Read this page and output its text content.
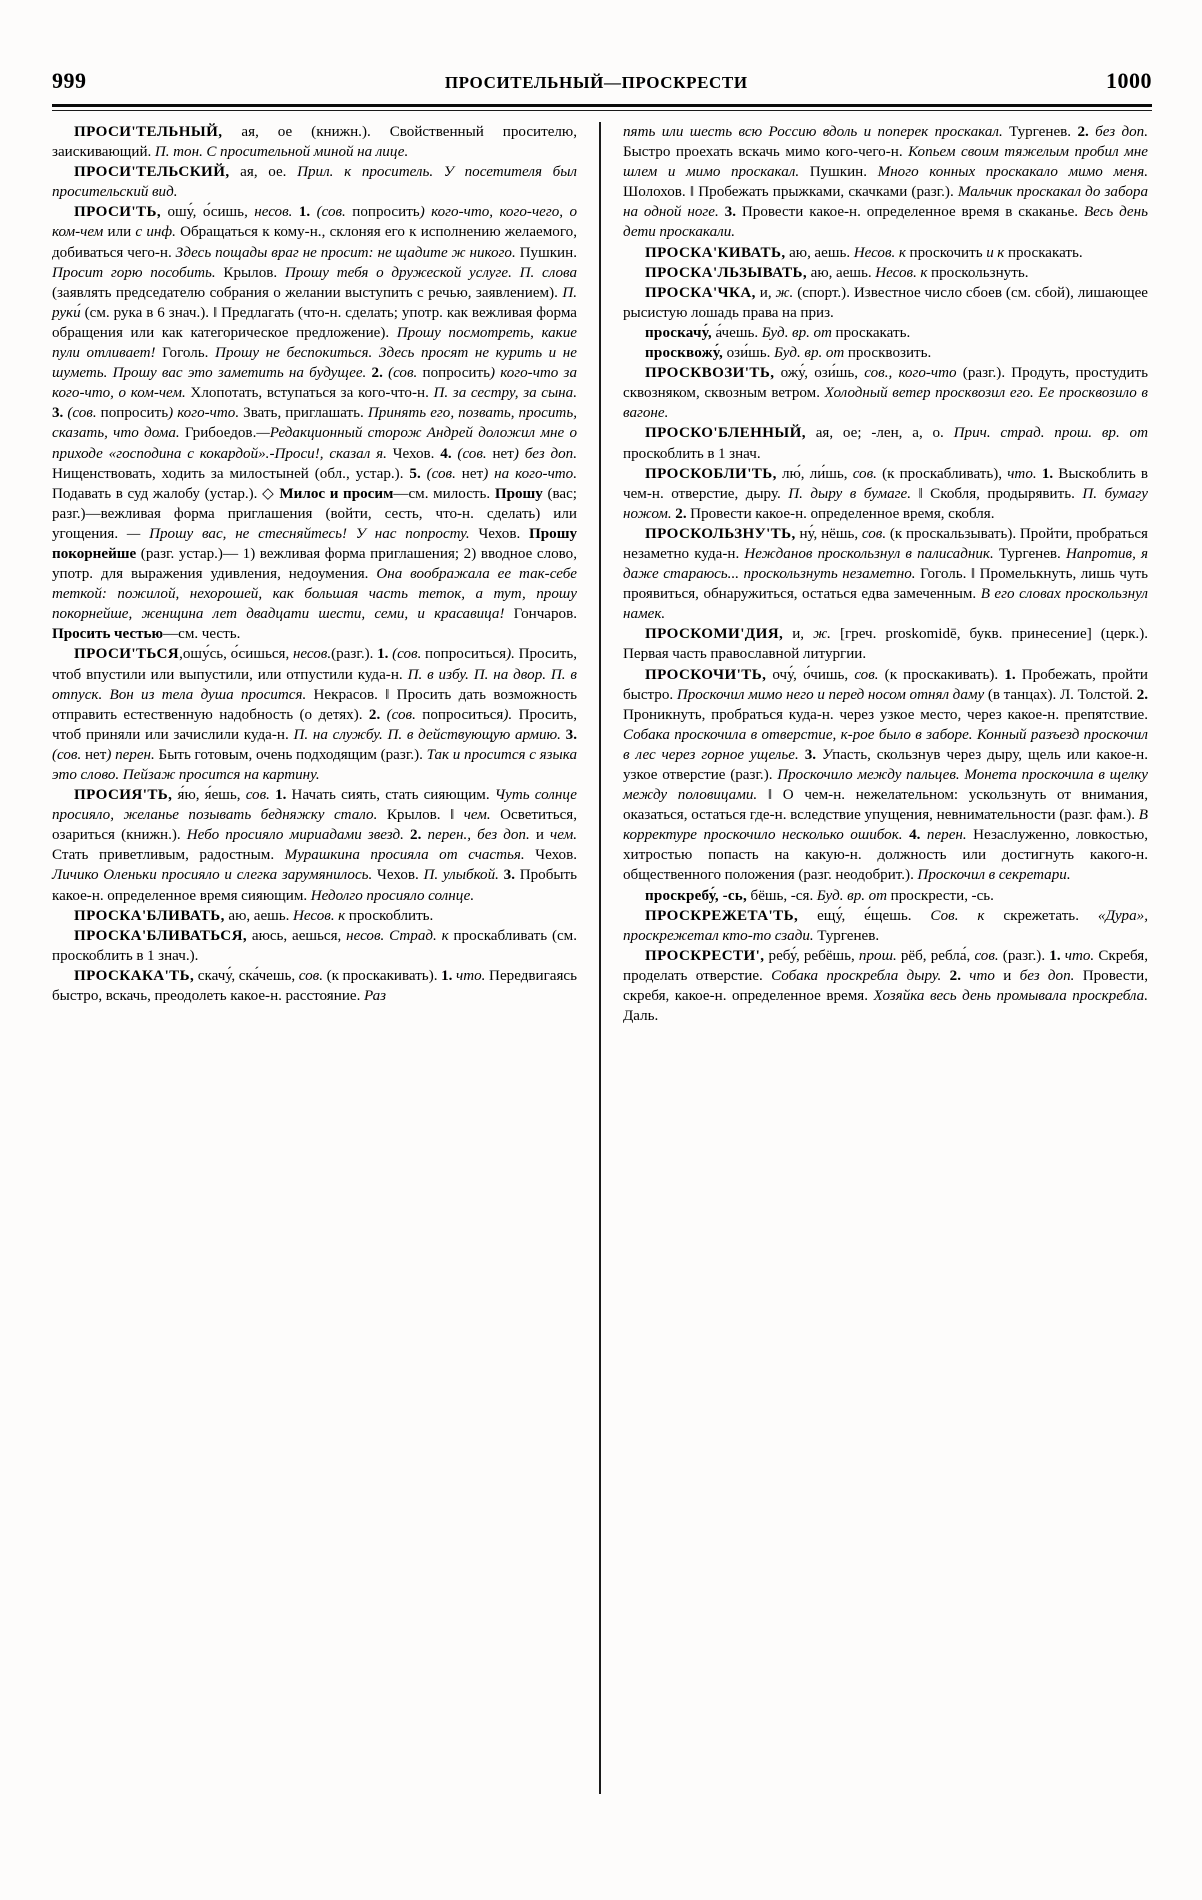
999	ПРОСИТЕЛЬНЫЙ—ПРОСКРЕСТИ	1000

ПРОСИ'ТЕЛЬНЫЙ, ая, ое (книжн.). Свойственный просителю, заискивающий. П. тон. С просительной миной на лице.

ПРОСИ'ТЕЛЬСКИЙ, ая, ое. Прил. к проситель. У посетителя был просительский вид.

ПРОСИ'ТЬ, ошу́, о́сишь, несов. 1. (сов. попросить) кого-что, кого-чего, о ком-чем или с инф. Обращаться к кому-н., склоняя его к исполнению желаемого, добиваться чего-н. Здесь пощады враг не просит: не щадите ж никого. Пушкин. Просит горю пособить. Крылов. Прошу тебя о дружеской услуге. П. слова (заявлять председателю собрания о желании выступить с речью, заявлением). П. руки́ (см. рука в 6 знач.). ‖ Предлагать (что-н. сделать; употр. как вежливая форма обращения или как категорическое предложение). Прошу посмотреть, какие пули отливает! Гоголь. Прошу не беспокиться. Здесь просят не курить и не шуметь. Прошу вас это заметить на будущее. 2. (сов. попросить) кого-что за кого-что, о ком-чем. Хлопотать, вступаться за кого-что-н. П. за сестру, за сына. 3. (сов. попросить) кого-что. Звать, приглашать. Принять его, позвать, просить, сказать, что дома. Грибоедов.—Редакционный сторож Андрей доложил мне о приходе «господина с кокардой».-Проси!, сказал я. Чехов. 4. (сов. нет) без доп. Нищенствовать, ходить за милостыней (обл., устар.). 5. (сов. нет) на кого-что. Подавать в суд жалобу (устар.). ◇ Милос и просим—см. милость. Прошу (вас; разг.)—вежливая форма приглашения (войти, сесть, что-н. сделать) или угощения. — Прошу вас, не стесняйтесь! У нас попросту. Чехов. Прошу покорнейше (разг. устар.)— 1) вежливая форма приглашения; 2) вводное слово, употр. для выражения удивления, недоумения. Она воображала ее так-себе теткой: пожилой, нехорошей, как большая часть теток, а тут, прошу покорнейше, женщина лет двадцати шести, семи, и красавица! Гончаров. Просить честью—см. честь.

ПРОСИ'ТЬСЯ,ошу́сь, о́сишься, несов.(разг.). 1. (сов. попроситься). Просить, чтоб впустили или выпустили, или отпустили куда-н. П. в избу. П. на двор. П. в отпуск. Вон из тела душа просится. Некрасов. ‖ Просить дать возможность отправить естественную надобность (о детях). 2. (сов. попроситься). Просить, чтоб приняли или зачислили куда-н. П. на службу. П. в действующую армию. 3. (сов. нет) перен. Быть готовым, очень подходящим (разг.). Так и просится с языка это слово. Пейзаж просится на картину.

ПРОСИЯ'ТЬ, я́ю, я́ешь, сов. 1. Начать сиять, стать сияющим. Чуть солнце просияло, желанье позывать бедняжку стало. Крылов. ‖ чем. Осветиться, озариться (книжн.). Небо просияло мириадами звезд. 2. перен., без доп. и чем. Стать приветливым, радостным. Мурашкина просияла от счастья. Чехов. Личико Оленьки просияло и слегка зарумянилось. Чехов. П. улыбкой. 3. Пробыть какое-н. определенное время сияющим. Недолго просияло солнце.

ПРОСКА'БЛИВАТЬ, аю, аешь. Несов. к проскоблить.

ПРОСКА'БЛИВАТЬСЯ, аюсь, аешься, несов. Страд. к проскабливать (см. проскоблить в 1 знач.).

ПРОСКАКА'ТЬ, скачу́, ска́чешь, сов. (к проскакивать). 1. что. Передвигаясь быстро, вскачь, преодолеть какое-н. расстояние. Раз

пять или шесть всю Россию вдоль и поперек проскакал. Тургенев. 2. без доп. Быстро проехать вскачь мимо кого-чего-н. Копьем своим тяжелым пробил мне шлем и мимо проскакал. Пушкин. Много конных проскакало мимо меня. Шолохов. ‖ Пробежать прыжками, скачками (разг.). Мальчик проскакал до забора на одной ноге. 3. Провести какое-н. определенное время в скаканье. Весь день дети проскакали.

ПРОСКА'КИВАТЬ, аю, аешь. Несов. к проскочить и к проскакать.

ПРОСКА'ЛЬЗЫВАТЬ, аю, аешь. Несов. к проскользнуть.

ПРОСКА'ЧКА, и, ж. (спорт.). Известное число сбоев (см. сбой), лишающее рысистую лошадь права на приз.

проскачу́, а́чешь. Буд. вр. от проскакать.

просквожу́, ози́шь. Буд. вр. от просквозить.

ПРОСКВОЗИ'ТЬ, ожу́, ози́шь, сов., кого-что (разг.). Продуть, простудить сквозняком, сквозным ветром. Холодный ветер просквозил его. Ее просквозило в вагоне.

ПРОСКО'БЛЕННЫЙ, ая, ое; -лен, а, о. Прич. страд. прош. вр. от проскоблить в 1 знач.

ПРОСКОБЛИ'ТЬ, лю́, ли́шь, сов. (к проскабливать), что. 1. Выскоблить в чем-н. отверстие, дыру. П. дыру в бумаге. ‖ Скобля, продырявить. П. бумагу ножом. 2. Провести какое-н. определенное время, скобля.

ПРОСКОЛЬЗНУ'ТЬ, ну́, нёшь, сов. (к проскальзывать). Пройти, пробраться незаметно куда-н. Нежданов проскользнул в палисадник. Тургенев. Напротив, я даже стараюсь... проскользнуть незаметно. Гоголь. ‖ Промелькнуть, лишь чуть проявиться, обнаружиться, остаться едва замеченным. В его словах проскользнул намек.

ПРОСКОМИ'ДИЯ, и, ж. [греч. proskomidē, букв. принесение] (церк.). Первая часть православной литургии.

ПРОСКОЧИ'ТЬ, очу́, о́чишь, сов. (к проскакивать). 1. Пробежать, пройти быстро. Проскочил мимо него и перед носом отнял даму (в танцах). Л. Толстой. 2. Проникнуть, пробраться куда-н. через узкое место, через какое-н. препятствие. Собака проскочила в отверстие, к-рое было в заборе. Конный разъезд проскочил в лес через горное ущелье. 3. Упасть, скользнув через дыру, щель или какое-н. узкое отверстие (разг.). Проскочило между пальцев. Монета проскочила в щелку между половицами. ‖ О чем-н. нежелательном: ускользнуть от внимания, оказаться, остаться где-н. вследствие упущения, невнимательности (разг. фам.). В корректуре проскочило несколько ошибок. 4. перен. Незаслуженно, ловкостью, хитростью попасть на какую-н. должность или достигнуть какого-н. общественного положения (разг. неодобрит.). Проскочил в секретари.

проскребу́, -сь, бёшь, -ся. Буд. вр. от проскрести, -сь.

ПРОСКРЕЖЕТА'ТЬ, ещу́, е́щешь. Сов. к скрежетать. «Дура», проскрежетал кто-то сзади. Тургенев.

ПРОСКРЕСТИ', ребу́, ребёшь, прош. рёб, ребла́, сов. (разг.). 1. что. Скребя, проделать отверстие. Собака проскребла дыру. 2. что и без доп. Провести, скребя, какое-н. определенное время. Хозяйка весь день промывала проскребла. Даль.
